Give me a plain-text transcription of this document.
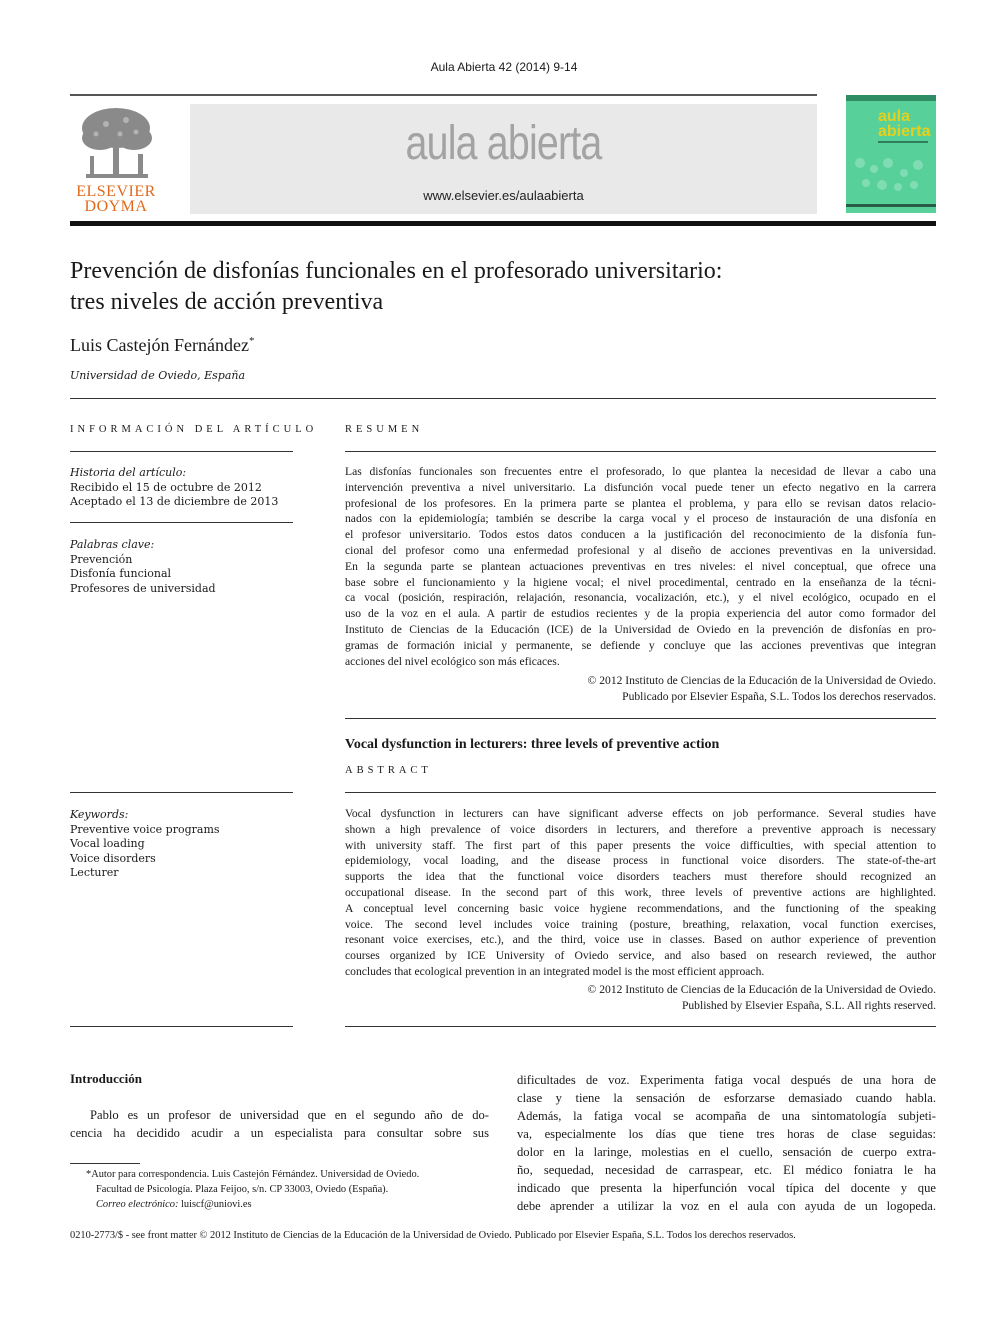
Aula Abierta 42 (2014) 9-14
ELSEVIER
DOYMA
aula abierta
www.elsevier.es/aulaabierta
aula
abierta
Prevención de disfonías funcionales en el profesorado universitario:
tres niveles de acción preventiva
Luis Castejón Fernández*
Universidad de Oviedo, España
INFORMACIÓN DEL ARTÍCULO
Historia del artículo:
Recibido el 15 de octubre de 2012
Aceptado el 13 de diciembre de 2013
Palabras clave:
Prevención
Disfonía funcional
Profesores de universidad
Keywords:
Preventive voice programs
Vocal loading
Voice disorders
Lecturer
RESUMEN
Las disfonías funcionales son frecuentes entre el profesorado, lo que plantea la necesidad de llevar a cabo una
intervención preventiva a nivel universitario. La disfunción vocal puede tener un efecto negativo en la carrera
profesional de los profesores. En la primera parte se plantea el problema, y para ello se revisan datos relacio-
nados con la epidemiología; también se describe la carga vocal y el proceso de instauración de una disfonía en
el profesor universitario. Todos estos datos conducen a la justificación del reconocimiento de la disfonía fun-
cional del profesor como una enfermedad profesional y al diseño de acciones preventivas en la universidad.
En la segunda parte se plantean actuaciones preventivas en tres niveles: el nivel conceptual, que ofrece una
base sobre el funcionamiento y la higiene vocal; el nivel procedimental, centrado en la enseñanza de la técni-
ca vocal (posición, respiración, relajación, resonancia, vocalización, etc.), y el nivel ecológico, ocupado en el
uso de la voz en el aula. A partir de estudios recientes y de la propia experiencia del autor como formador del
Instituto de Ciencias de la Educación (ICE) de la Universidad de Oviedo en la prevención de disfonías en pro-
gramas de formación inicial y permanente, se defiende y concluye que las acciones preventivas que integran
acciones del nivel ecológico son más eficaces.
© 2012 Instituto de Ciencias de la Educación de la Universidad de Oviedo.
Publicado por Elsevier España, S.L. Todos los derechos reservados.
Vocal dysfunction in lecturers: three levels of preventive action
ABSTRACT
Vocal dysfunction in lecturers can have significant adverse effects on job performance. Several studies have
shown a high prevalence of voice disorders in lecturers, and therefore a preventive approach is necessary
with university staff. The first part of this paper presents the voice difficulties, with special attention to
epidemiology, vocal loading, and the disease process in functional voice disorders. The state-of-the-art
supports the idea that the functional voice disorders teachers must therefore should recognized an
occupational disease. In the second part of this work, three levels of preventive actions are highlighted.
A conceptual level concerning basic voice hygiene recommendations, and the functioning of the speaking
voice. The second level includes voice training (posture, breathing, relaxation, vocal function exercises,
resonant voice exercises, etc.), and the third, voice use in classes. Based on author experience of prevention
courses organized by ICE University of Oviedo service, and also based on research reviewed, the author
concludes that ecological prevention in an integrated model is the most efficient approach.
© 2012 Instituto de Ciencias de la Educación de la Universidad de Oviedo.
Published by Elsevier España, S.L. All rights reserved.
Introducción
Pablo es un profesor de universidad que en el segundo año de do-
cencia ha decidido acudir a un especialista para consultar sobre sus
dificultades de voz. Experimenta fatiga vocal después de una hora de
clase y tiene la sensación de esforzarse demasiado cuando habla.
Además, la fatiga vocal se acompaña de una sintomatología subjeti-
va, especialmente los días que tiene tres horas de clase seguidas:
dolor en la laringe, molestias en el cuello, sensación de cuerpo extra-
ño, sequedad, necesidad de carraspear, etc. El médico foniatra le ha
indicado que presenta la hiperfunción vocal típica del docente y que
debe aprender a utilizar la voz en el aula con ayuda de un logopeda.
*Autor para correspondencia. Luis Castejón Férnández. Universidad de Oviedo.
Facultad de Psicología. Plaza Feijoo, s/n. CP 33003, Oviedo (España).
Correo electrónico: luiscf@uniovi.es
0210-2773/$ - see front matter © 2012 Instituto de Ciencias de la Educación de la Universidad de Oviedo. Publicado por Elsevier España, S.L. Todos los derechos reservados.
